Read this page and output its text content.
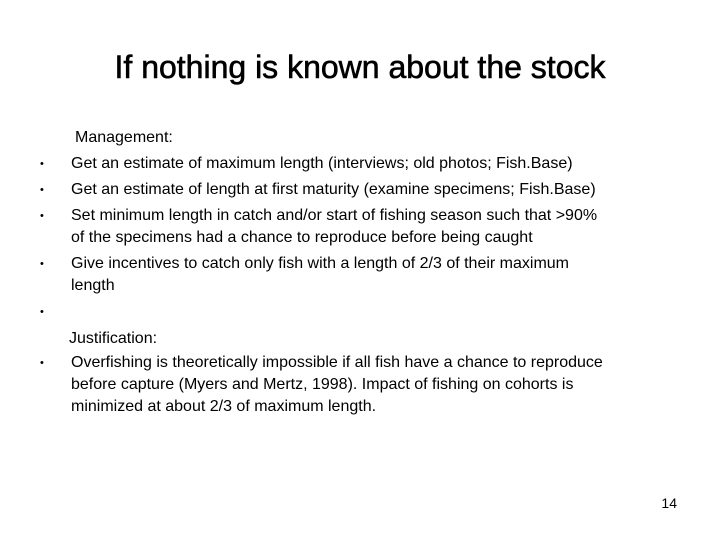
If nothing is known about the stock
Management:
•
Get an estimate of maximum length (interviews; old photos; Fish.Base)
•
Get an estimate of length at first maturity (examine specimens; Fish.Base)
•
Set minimum length in catch and/or start of fishing season such that >90%
of the specimens had a chance to reproduce before being caught
•
Give incentives to catch only fish with a length of 2/3 of their maximum
length
•
Justification:
•
Overfishing is theoretically impossible if all fish have a chance to reproduce
before capture (Myers and Mertz, 1998). Impact of fishing on cohorts is
minimized at about 2/3 of maximum length.
14
